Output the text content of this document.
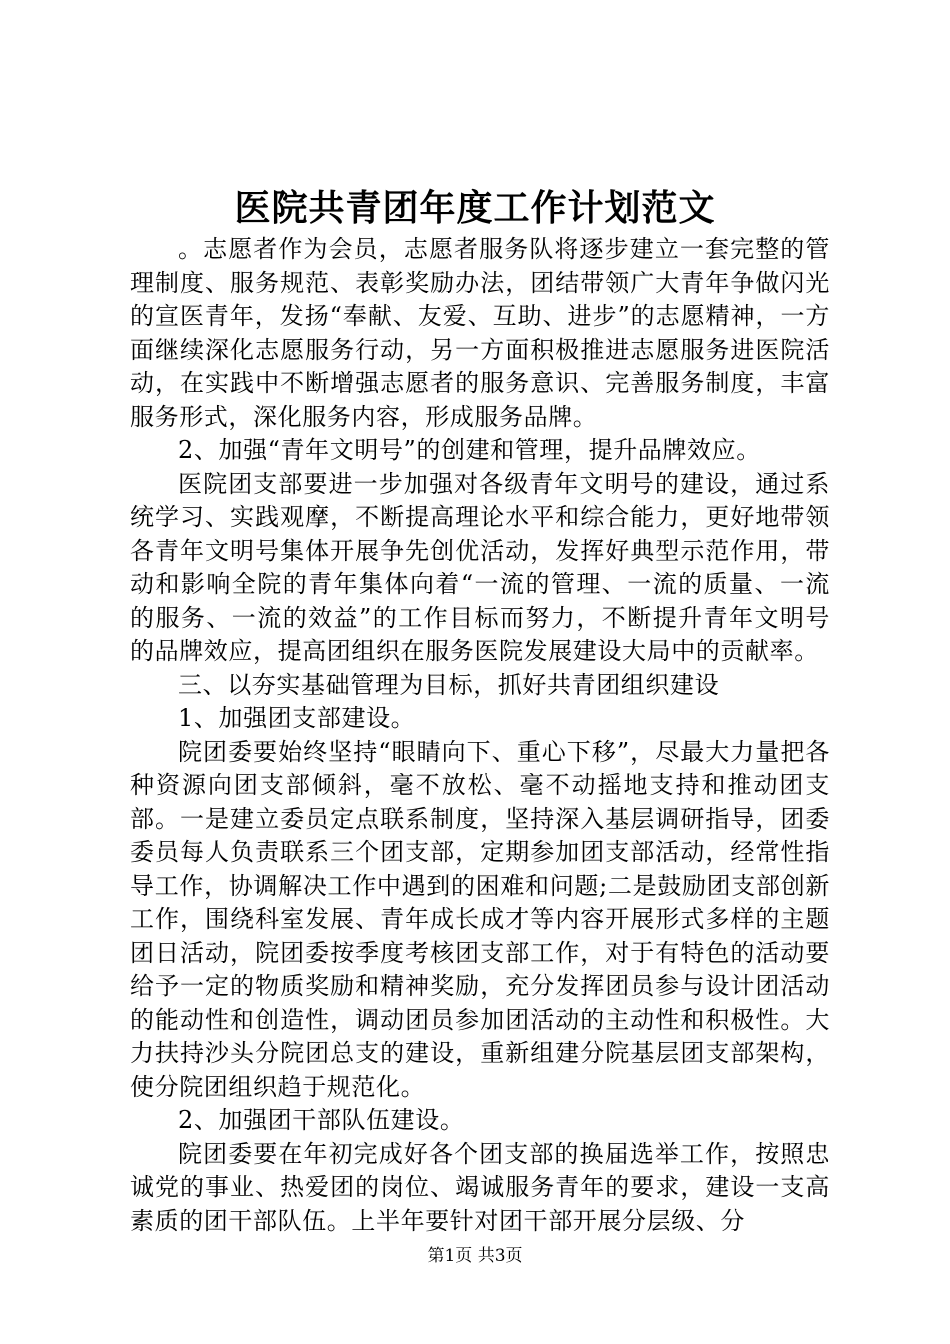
医院共青团年度工作计划范文

。志愿者作为会员，志愿者服务队将逐步建立一套完整的管理制度、服务规范、表彰奖励办法，团结带领广大青年争做闪光的宣医青年，发扬“奉献、友爱、互助、进步”的志愿精神，一方面继续深化志愿服务行动，另一方面积极推进志愿服务进医院活动，在实践中不断增强志愿者的服务意识、完善服务制度，丰富服务形式，深化服务内容，形成服务品牌。

2、加强“青年文明号”的创建和管理，提升品牌效应。

医院团支部要进一步加强对各级青年文明号的建设，通过系统学习、实践观摩，不断提高理论水平和综合能力，更好地带领各青年文明号集体开展争先创优活动，发挥好典型示范作用，带动和影响全院的青年集体向着“一流的管理、一流的质量、一流的服务、一流的效益”的工作目标而努力，不断提升青年文明号的品牌效应，提高团组织在服务医院发展建设大局中的贡献率。

三、以夯实基础管理为目标，抓好共青团组织建设

1、加强团支部建设。

院团委要始终坚持“眼睛向下、重心下移”，尽最大力量把各种资源向团支部倾斜，毫不放松、毫不动摇地支持和推动团支部。一是建立委员定点联系制度，坚持深入基层调研指导，团委委员每人负责联系三个团支部，定期参加团支部活动，经常性指导工作，协调解决工作中遇到的困难和问题;二是鼓励团支部创新工作，围绕科室发展、青年成长成才等内容开展形式多样的主题团日活动，院团委按季度考核团支部工作，对于有特色的活动要给予一定的物质奖励和精神奖励，充分发挥团员参与设计团活动的能动性和创造性，调动团员参加团活动的主动性和积极性。大力扶持沙头分院团总支的建设，重新组建分院基层团支部架构，使分院团组织趋于规范化。

2、加强团干部队伍建设。

院团委要在年初完成好各个团支部的换届选举工作，按照忠诚党的事业、热爱团的岗位、竭诚服务青年的要求，建设一支高素质的团干部队伍。上半年要针对团干部开展分层级、分

第1页 共3页
